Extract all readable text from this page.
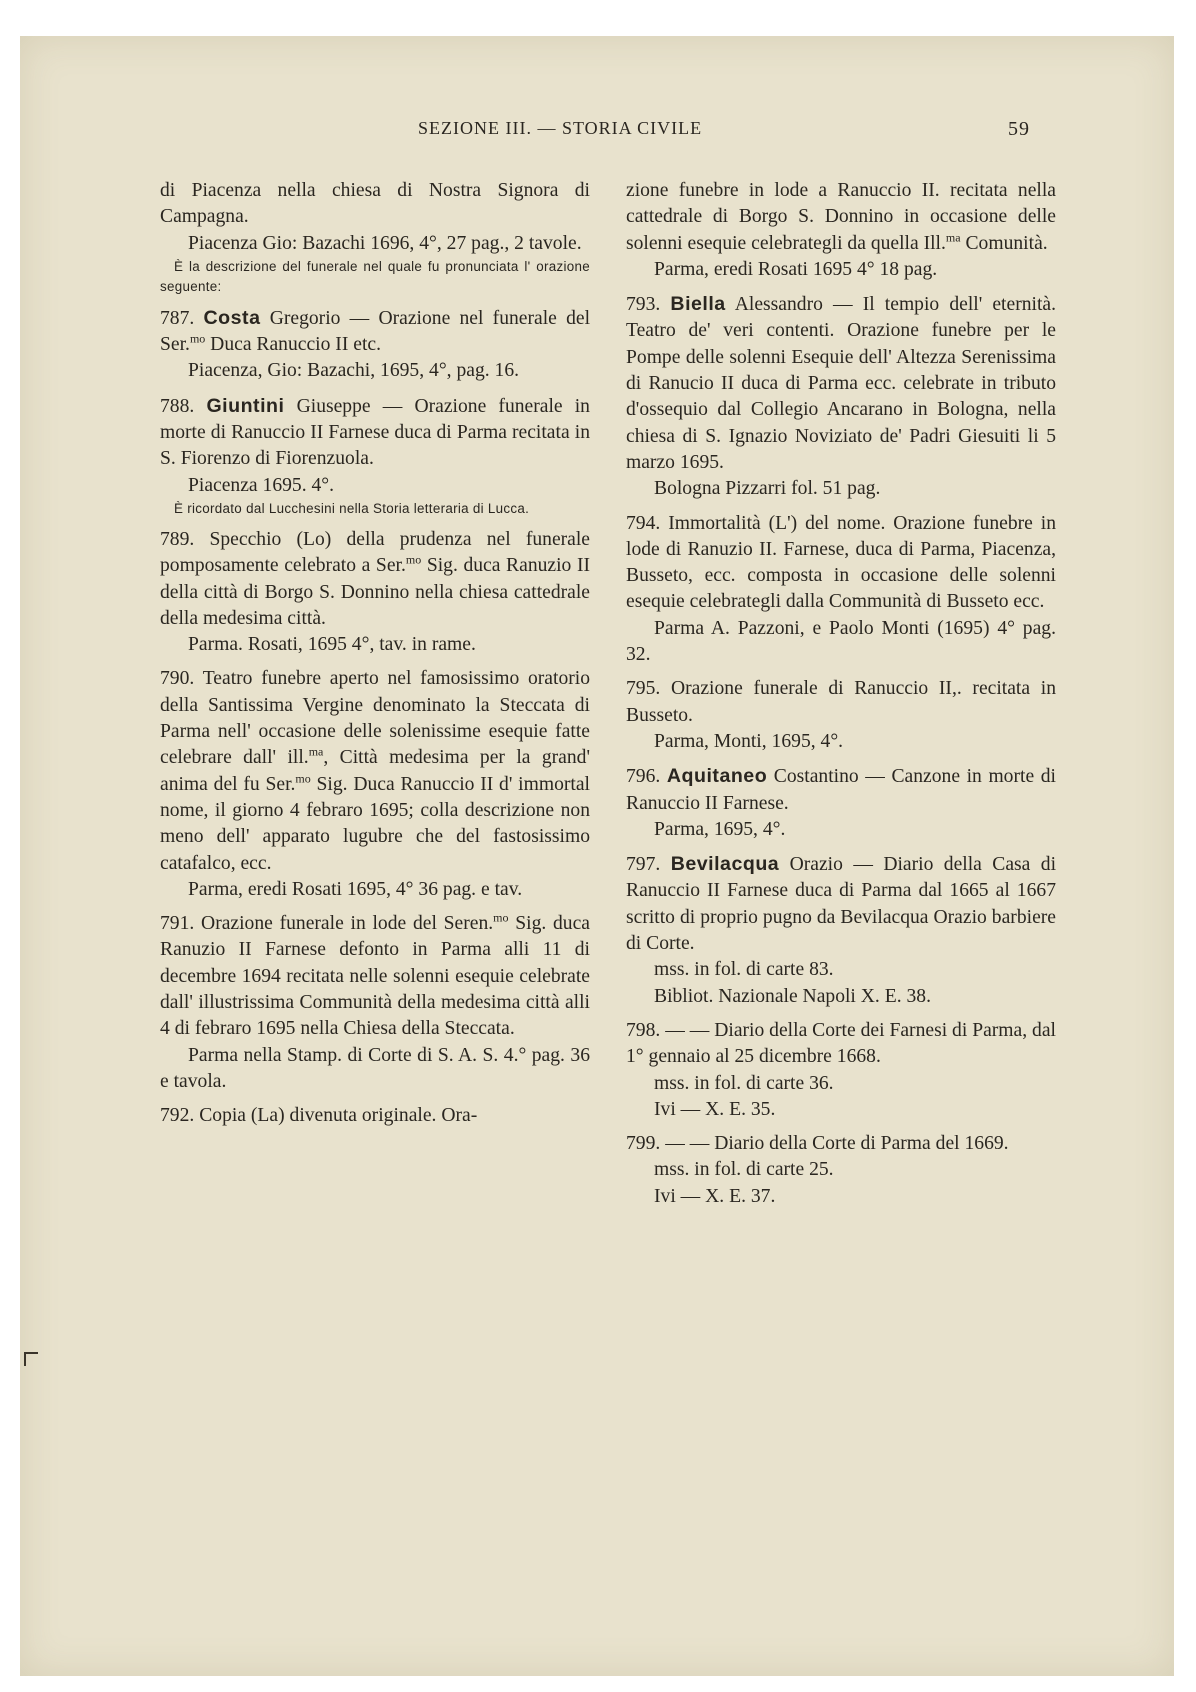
SEZIONE III. — STORIA CIVILE	59

di Piacenza nella chiesa di Nostra Signora di Campagna.

Piacenza Gio: Bazachi 1696, 4°, 27 pag., 2 tavole.

È la descrizione del funerale nel quale fu pronunciata l' orazione seguente:

787. Costa Gregorio — Orazione nel funerale del Ser.$^{mo}$ Duca Ranuccio II etc.

Piacenza, Gio: Bazachi, 1695, 4°, pag. 16.

788. Giuntini Giuseppe — Orazione funerale in morte di Ranuccio II Farnese duca di Parma recitata in S. Fiorenzo di Fiorenzuola.

Piacenza 1695. 4°.

È ricordato dal Lucchesini nella Storia letteraria di Lucca.

789. Specchio (Lo) della prudenza nel funerale pomposamente celebrato a Ser.$^{mo}$ Sig. duca Ranuzio II della città di Borgo S. Donnino nella chiesa cattedrale della medesima città.

Parma. Rosati, 1695 4°, tav. in rame.

790. Teatro funebre aperto nel famosissimo oratorio della Santissima Vergine denominato la Steccata di Parma nell' occasione delle solenissime esequie fatte celebrare dall' ill.$^{ma}$, Città medesima per la grand' anima del fu Ser.$^{mo}$ Sig. Duca Ranuccio II d' immortal nome, il giorno 4 febraro 1695; colla descrizione non meno dell' apparato lugubre che del fastosissimo catafalco, ecc.

Parma, eredi Rosati 1695, 4° 36 pag. e tav.

791. Orazione funerale in lode del Seren.$^{mo}$ Sig. duca Ranuzio II Farnese defonto in Parma alli 11 di decembre 1694 recitata nelle solenni esequie celebrate dall' illustrissima Communità della medesima città alli 4 di febraro 1695 nella Chiesa della Steccata.

Parma nella Stamp. di Corte di S. A. S. 4.° pag. 36 e tavola.

792. Copia (La) divenuta originale. Ora-

zione funebre in lode a Ranuccio II. recitata nella cattedrale di Borgo S. Donnino in occasione delle solenni esequie celebrategli da quella Ill.$^{ma}$ Comunità.

Parma, eredi Rosati 1695 4° 18 pag.

793. Biella Alessandro — Il tempio dell' eternità. Teatro de' veri contenti. Orazione funebre per le Pompe delle solenni Esequie dell' Altezza Serenissima di Ranucio II duca di Parma ecc. celebrate in tributo d'ossequio dal Collegio Ancarano in Bologna, nella chiesa di S. Ignazio Noviziato de' Padri Giesuiti li 5 marzo 1695.

Bologna Pizzarri fol. 51 pag.

794. Immortalità (L') del nome. Orazione funebre in lode di Ranuzio II. Farnese, duca di Parma, Piacenza, Busseto, ecc. composta in occasione delle solenni esequie celebrategli dalla Communità di Busseto ecc.

Parma A. Pazzoni, e Paolo Monti (1695) 4° pag. 32.

795. Orazione funerale di Ranuccio II,. recitata in Busseto.

Parma, Monti, 1695, 4°.

796. Aquitaneo Costantino — Canzone in morte di Ranuccio II Farnese.

Parma, 1695, 4°.

797. Bevilacqua Orazio — Diario della Casa di Ranuccio II Farnese duca di Parma dal 1665 al 1667 scritto di proprio pugno da Bevilacqua Orazio barbiere di Corte.

mss. in fol. di carte 83.

Bibliot. Nazionale Napoli X. E. 38.

798. — — Diario della Corte dei Farnesi di Parma, dal 1° gennaio al 25 dicembre 1668.

mss. in fol. di carte 36.

Ivi — X. E. 35.

799. — — Diario della Corte di Parma del 1669.

mss. in fol. di carte 25.

Ivi — X. E. 37.
